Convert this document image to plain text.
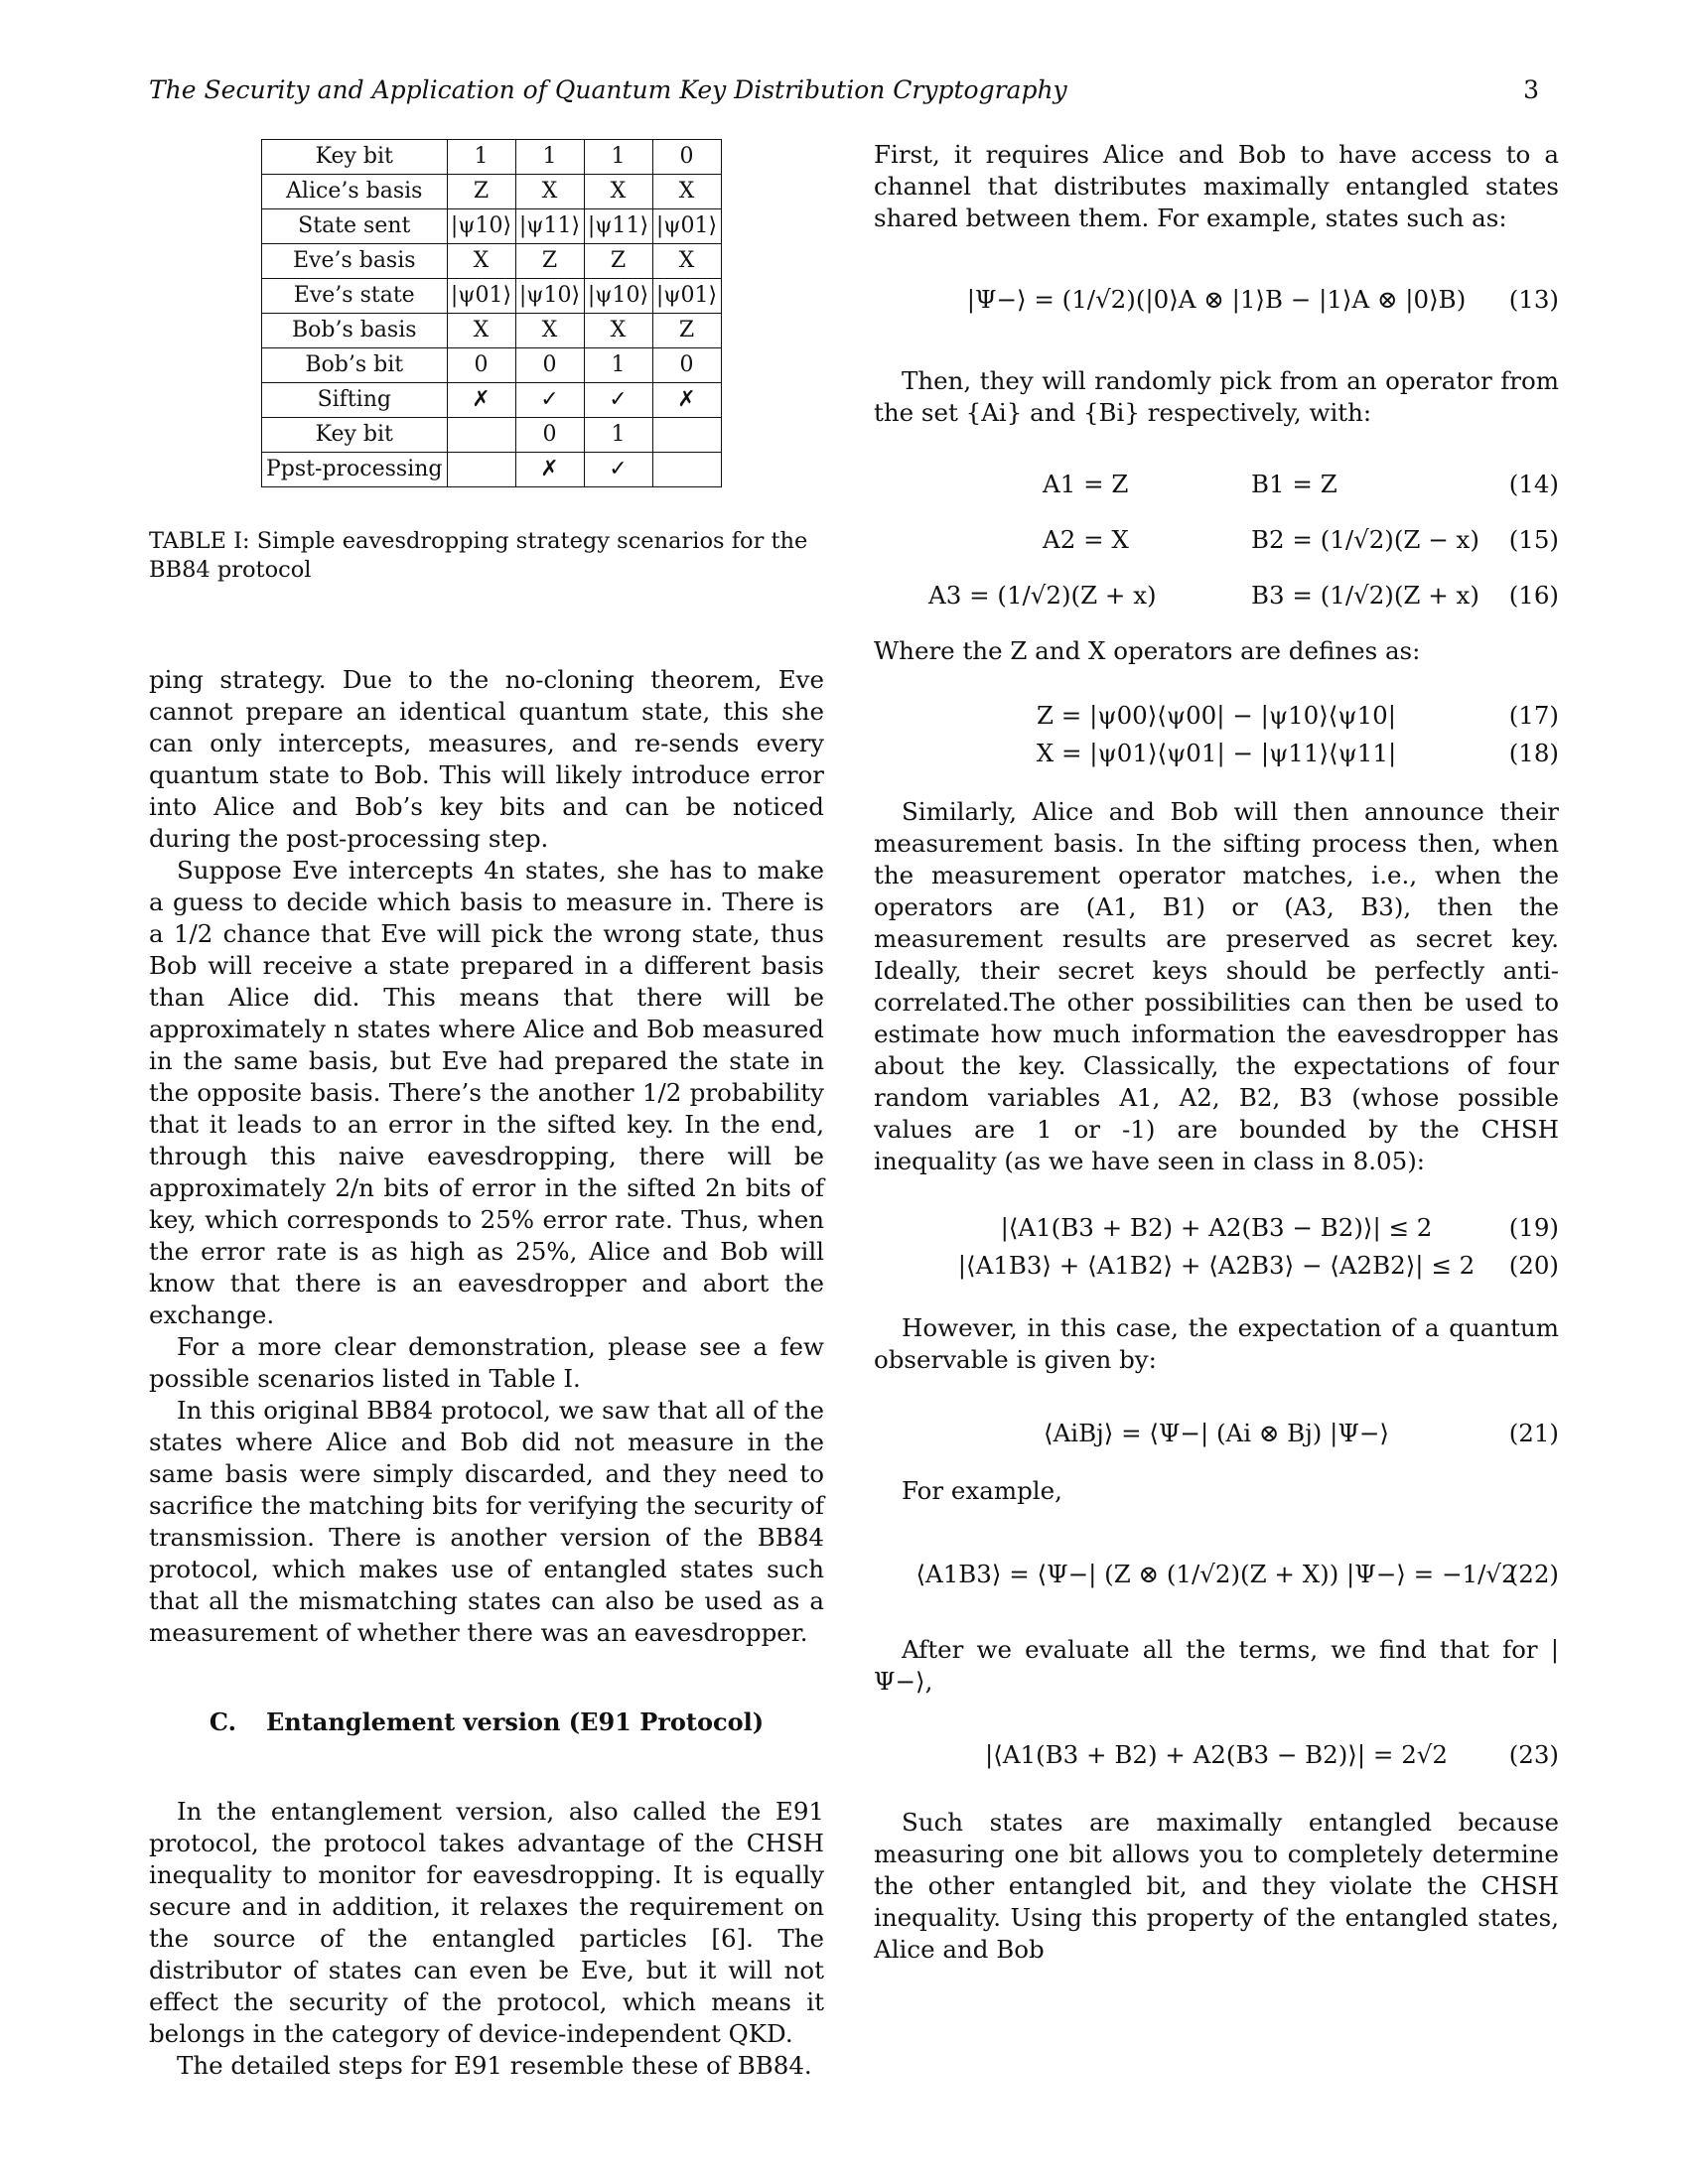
The Security and Application of Quantum Key Distribution Cryptography	3
Key bit	1	1	1	0
Alice’s basis	Z	X	X	X
State sent	|ψ10⟩	|ψ11⟩	|ψ11⟩	|ψ01⟩
Eve’s basis	X	Z	Z	X
Eve’s state	|ψ01⟩	|ψ10⟩	|ψ10⟩	|ψ01⟩
Bob’s basis	X	X	X	Z
Bob’s bit	0	0	1	0
Sifting	✗	✓	✓	✗
Key bit		0	1	
Ppst-processing		✗	✓	
TABLE I: Simple eavesdropping strategy scenarios for the BB84 protocol

ping strategy. Due to the no-cloning theorem, Eve cannot prepare an identical quantum state, this she can only intercepts, measures, and re-sends every quantum state to Bob. This will likely introduce error into Alice and Bob’s key bits and can be noticed during the post-processing step.

Suppose Eve intercepts 4n states, she has to make a guess to decide which basis to measure in. There is a 1/2 chance that Eve will pick the wrong state, thus Bob will receive a state prepared in a different basis than Alice did. This means that there will be approximately n states where Alice and Bob measured in the same basis, but Eve had prepared the state in the opposite basis. There’s the another 1/2 probability that it leads to an error in the sifted key. In the end, through this naive eavesdropping, there will be approximately 2/n bits of error in the sifted 2n bits of key, which corresponds to 25% error rate. Thus, when the error rate is as high as 25%, Alice and Bob will know that there is an eavesdropper and abort the exchange.

For a more clear demonstration, please see a few possible scenarios listed in Table I.

In this original BB84 protocol, we saw that all of the states where Alice and Bob did not measure in the same basis were simply discarded, and they need to sacrifice the matching bits for verifying the security of transmission. There is another version of the BB84 protocol, which makes use of entangled states such that all the mismatching states can also be used as a measurement of whether there was an eavesdropper.

C. Entanglement version (E91 Protocol)

In the entanglement version, also called the E91 protocol, the protocol takes advantage of the CHSH inequality to monitor for eavesdropping. It is equally secure and in addition, it relaxes the requirement on the source of the entangled particles [6]. The distributor of states can even be Eve, but it will not effect the security of the protocol, which means it belongs in the category of device-independent QKD.

The detailed steps for E91 resemble these of BB84.

First, it requires Alice and Bob to have access to a channel that distributes maximally entangled states shared between them. For example, states such as:

|Ψ−⟩ = (1/√2)(|0⟩A ⊗ |1⟩B − |1⟩A ⊗ |0⟩B) (13)

Then, they will randomly pick from an operator from the set {Ai} and {Bi} respectively, with:

A1 = Z	B1 = Z	(14)
A2 = X	B2 = (1/√2)(Z − x) (15)
A3 = (1/√2)(Z + x)	B3 = (1/√2)(Z + x) (16)

Where the Z and X operators are defines as:

Z = |ψ00⟩⟨ψ00| − |ψ10⟩⟨ψ10|	(17)
X = |ψ01⟩⟨ψ01| − |ψ11⟩⟨ψ11|	(18)

Similarly, Alice and Bob will then announce their measurement basis. In the sifting process then, when the measurement operator matches, i.e., when the operators are (A1, B1) or (A3, B3), then the measurement results are preserved as secret key. Ideally, their secret keys should be perfectly anti-correlated.The other possibilities can then be used to estimate how much information the eavesdropper has about the key. Classically, the expectations of four random variables A1, A2, B2, B3 (whose possible values are 1 or -1) are bounded by the CHSH inequality (as we have seen in class in 8.05):

|⟨A1(B3 + B2) + A2(B3 − B2)⟩| ≤ 2	(19)
|⟨A1B3⟩ + ⟨A1B2⟩ + ⟨A2B3⟩ − ⟨A2B2⟩| ≤ 2 (20)

However, in this case, the expectation of a quantum observable is given by:

⟨AiBj⟩ = ⟨Ψ−| (Ai ⊗ Bj) |Ψ−⟩	(21)

For example,

⟨A1B3⟩ = ⟨Ψ−| (Z ⊗ (1/√2)(Z + X)) |Ψ−⟩ = −1/√2
(22)

After we evaluate all the terms, we find that for |Ψ−⟩,

|⟨A1(B3 + B2) + A2(B3 − B2)⟩| = 2√2	(23)

Such states are maximally entangled because measuring one bit allows you to completely determine the other entangled bit, and they violate the CHSH inequality. Using this property of the entangled states, Alice and Bob
